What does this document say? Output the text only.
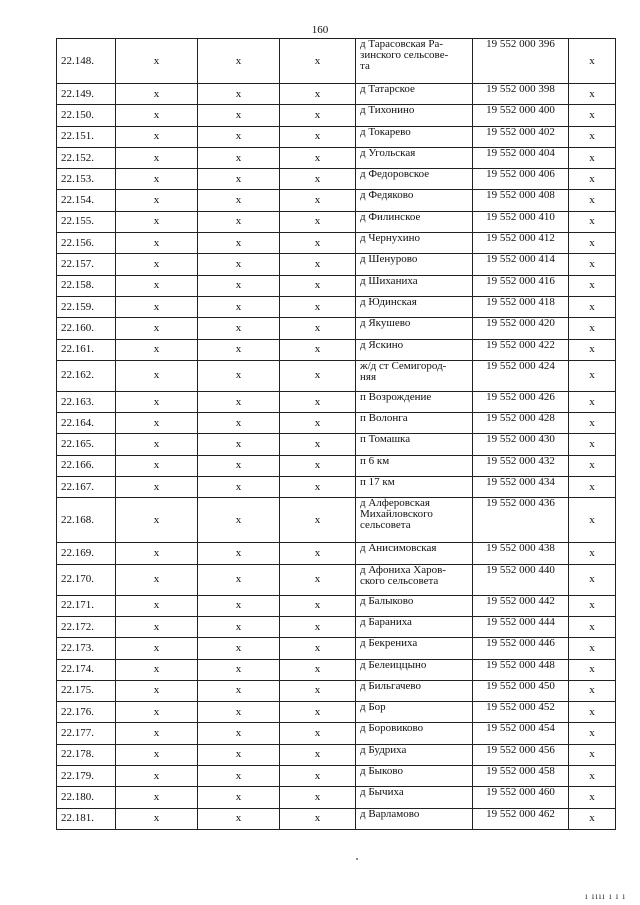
160
22.148.	x	x	x	д Тарасовская Ра-
зинского сельсове-
та	19 552 000 396	x
22.149.	x	x	x	д Татарское	19 552 000 398	x
22.150.	x	x	x	д Тихонино	19 552 000 400	x
22.151.	x	x	x	д Токарево	19 552 000 402	x
22.152.	x	x	x	д Угольская	19 552 000 404	x
22.153.	x	x	x	д Федоровское	19 552 000 406	x
22.154.	x	x	x	д Федяково	19 552 000 408	x
22.155.	x	x	x	д Филинское	19 552 000 410	x
22.156.	x	x	x	д Чернухино	19 552 000 412	x
22.157.	x	x	x	д Шенурово	19 552 000 414	x
22.158.	x	x	x	д Шиханиха	19 552 000 416	x
22.159.	x	x	x	д Юдинская	19 552 000 418	x
22.160.	x	x	x	д Якушево	19 552 000 420	x
22.161.	x	x	x	д Яскино	19 552 000 422	x
22.162.	x	x	x	ж/д ст Семигород-
няя	19 552 000 424	x
22.163.	x	x	x	п Возрождение	19 552 000 426	x
22.164.	x	x	x	п Волонга	19 552 000 428	x
22.165.	x	x	x	п Томашка	19 552 000 430	x
22.166.	x	x	x	п 6 км	19 552 000 432	x
22.167.	x	x	x	п 17 км	19 552 000 434	x
22.168.	x	x	x	д Алферовская
Михайловского
сельсовета	19 552 000 436	x
22.169.	x	x	x	д Анисимовская	19 552 000 438	x
22.170.	x	x	x	д Афониха Харов-
ского сельсовета	19 552 000 440	x
22.171.	x	x	x	д Балыково	19 552 000 442	x
22.172.	x	x	x	д Бараниха	19 552 000 444	x
22.173.	x	x	x	д Бекрениха	19 552 000 446	x
22.174.	x	x	x	д Белеиццыно	19 552 000 448	x
22.175.	x	x	x	д Бильгачево	19 552 000 450	x
22.176.	x	x	x	д Бор	19 552 000 452	x
22.177.	x	x	x	д Боровиково	19 552 000 454	x
22.178.	x	x	x	д Будриха	19 552 000 456	x
22.179.	x	x	x	д Быково	19 552 000 458	x
22.180.	x	x	x	д Бычиха	19 552 000 460	x
22.181.	x	x	x	д Варламово	19 552 000 462	x
ı ıııı ı ı ı
